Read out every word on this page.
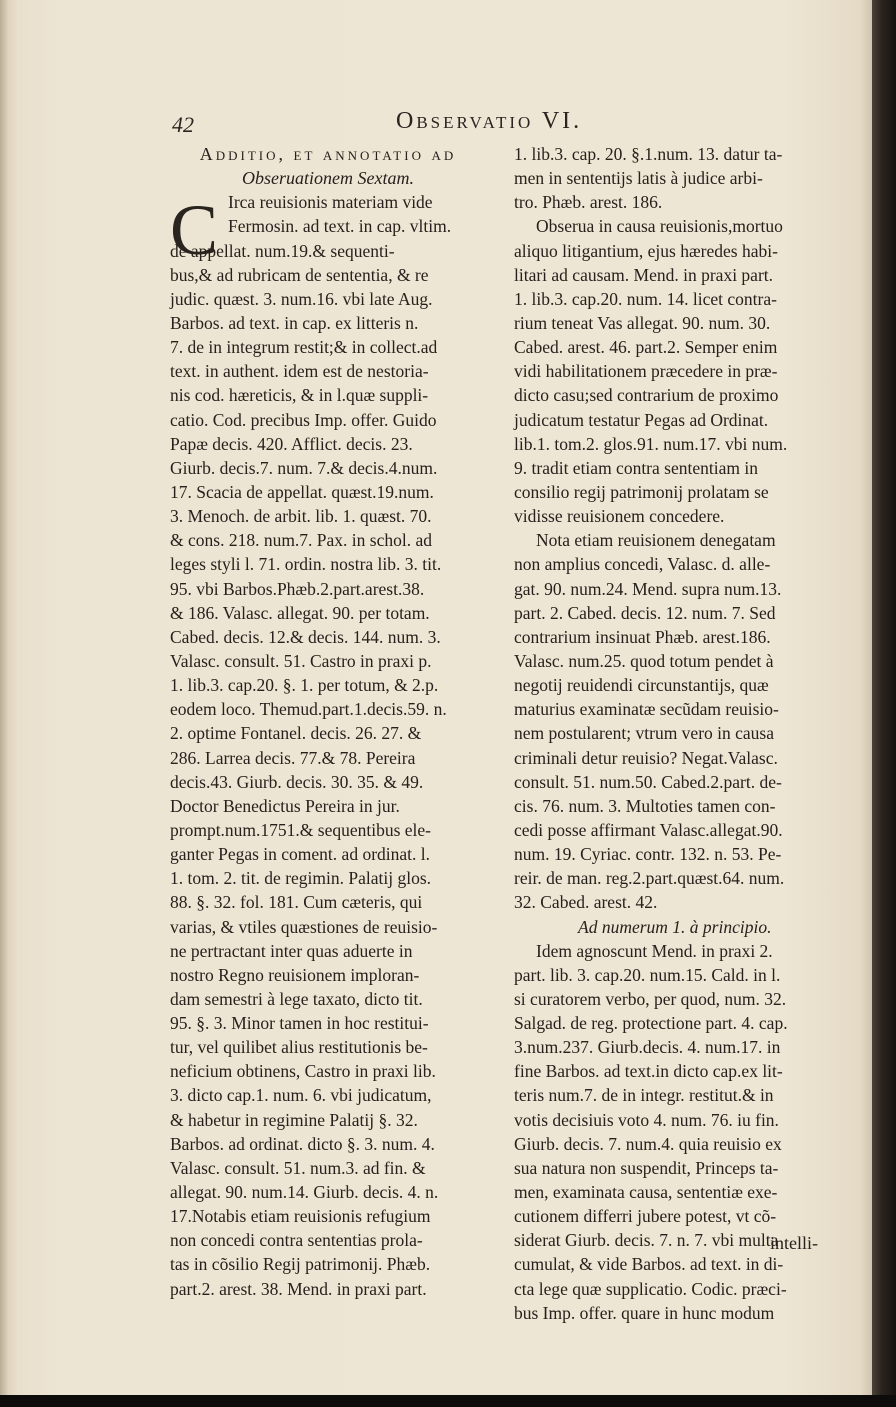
42	Observatio VI.
C
Additio, et annotatio ad
Obseruationem Sextam.
Irca reuisionis materiam vide
Fermosin. ad text. in cap. vltim.
de appellat. num.19.& sequenti-
bus,& ad rubricam de sententia, & re
judic. quæst. 3. num.16. vbi late Aug.
Barbos. ad text. in cap. ex litteris n.
7. de in integrum restit;& in collect.ad
text. in authent. idem est de nestoria-
nis cod. hæreticis, & in l.quæ suppli-
catio. Cod. precibus Imp. offer. Guido
Papæ decis. 420. Afflict. decis. 23.
Giurb. decis.7. num. 7.& decis.4.num.
17. Scacia de appellat. quæst.19.num.
3. Menoch. de arbit. lib. 1. quæst. 70.
& cons. 218. num.7. Pax. in schol. ad
leges styli l. 71. ordin. nostra lib. 3. tit.
95. vbi Barbos.Phæb.2.part.arest.38.
& 186. Valasc. allegat. 90. per totam.
Cabed. decis. 12.& decis. 144. num. 3.
Valasc. consult. 51. Castro in praxi p.
1. lib.3. cap.20. §. 1. per totum, & 2.p.
eodem loco. Themud.part.1.decis.59. n.
2. optime Fontanel. decis. 26. 27. &
286. Larrea decis. 77.& 78. Pereira
decis.43. Giurb. decis. 30. 35. & 49.
Doctor Benedictus Pereira in jur.
prompt.num.1751.& sequentibus ele-
ganter Pegas in coment. ad ordinat. l.
1. tom. 2. tit. de regimin. Palatij glos.
88. §. 32. fol. 181. Cum cæteris, qui
varias, & vtiles quæstiones de reuisio-
ne pertractant inter quas aduerte in
nostro Regno reuisionem imploran-
dam semestri à lege taxato, dicto tit.
95. §. 3. Minor tamen in hoc restitui-
tur, vel quilibet alius restitutionis be-
neficium obtinens, Castro in praxi lib.
3. dicto cap.1. num. 6. vbi judicatum,
& habetur in regimine Palatij §. 32.
Barbos. ad ordinat. dicto §. 3. num. 4.
Valasc. consult. 51. num.3. ad fin. &
allegat. 90. num.14. Giurb. decis. 4. n.
17.Notabis etiam reuisionis refugium
non concedi contra sententias prola-
tas in cõsilio Regij patrimonij. Phæb.
part.2. arest. 38. Mend. in praxi part.
1. lib.3. cap. 20. §.1.num. 13. datur ta-
men in sententijs latis à judice arbi-
tro. Phæb. arest. 186.
Obserua in causa reuisionis,mortuo
aliquo litigantium, ejus hæredes habi-
litari ad causam. Mend. in praxi part.
1. lib.3. cap.20. num. 14. licet contra-
rium teneat Vas allegat. 90. num. 30.
Cabed. arest. 46. part.2. Semper enim
vidi habilitationem præcedere in præ-
dicto casu;sed contrarium de proximo
judicatum testatur Pegas ad Ordinat.
lib.1. tom.2. glos.91. num.17. vbi num.
9. tradit etiam contra sententiam in
consilio regij patrimonij prolatam se
vidisse reuisionem concedere.
Nota etiam reuisionem denegatam
non amplius concedi, Valasc. d. alle-
gat. 90. num.24. Mend. supra num.13.
part. 2. Cabed. decis. 12. num. 7. Sed
contrarium insinuat Phæb. arest.186.
Valasc. num.25. quod totum pendet à
negotij reuidendi circunstantijs, quæ
maturius examinatæ secũdam reuisio-
nem postularent; vtrum vero in causa
criminali detur reuisio? Negat.Valasc.
consult. 51. num.50. Cabed.2.part. de-
cis. 76. num. 3. Multoties tamen con-
cedi posse affirmant Valasc.allegat.90.
num. 19. Cyriac. contr. 132. n. 53. Pe-
reir. de man. reg.2.part.quæst.64. num.
32. Cabed. arest. 42.
Ad numerum 1. à principio.
Idem agnoscunt Mend. in praxi 2.
part. lib. 3. cap.20. num.15. Cald. in l.
si curatorem verbo, per quod, num. 32.
Salgad. de reg. protectione part. 4. cap.
3.num.237. Giurb.decis. 4. num.17. in
fine Barbos. ad text.in dicto cap.ex lit-
teris num.7. de in integr. restitut.& in
votis decisiuis voto 4. num. 76. iu fin.
Giurb. decis. 7. num.4. quia reuisio ex
sua natura non suspendit, Princeps ta-
men, examinata causa, sententiæ exe-
cutionem differri jubere potest, vt cõ-
siderat Giurb. decis. 7. n. 7. vbi multa
cumulat, & vide Barbos. ad text. in di-
cta lege quæ supplicatio. Codic. præci-
bus Imp. offer. quare in hunc modum
intelli-
